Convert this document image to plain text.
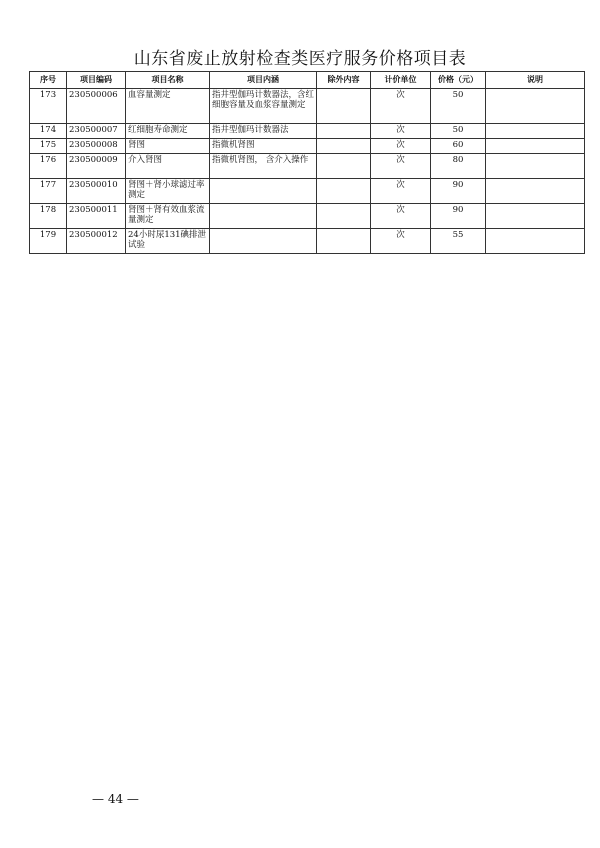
山东省废止放射检查类医疗服务价格项目表
序号	项目编码	项目名称	项目内涵	除外内容	计价单位	价格（元）	说明
173	230500006	血容量测定	指井型伽玛计数器法，含红细胞容量及血浆容量测定		次	50	
174	230500007	红细胞寿命测定	指井型伽玛计数器法		次	50	
175	230500008	肾图	指微机肾图		次	60	
176	230500009	介入肾图	指微机肾图， 含介入操作		次	80	
177	230500010	肾图＋肾小球滤过率测定			次	90	
178	230500011	肾图＋肾有效血浆流量测定			次	90	
179	230500012	24小时尿131碘排泄试验			次	55	
— 44 —
